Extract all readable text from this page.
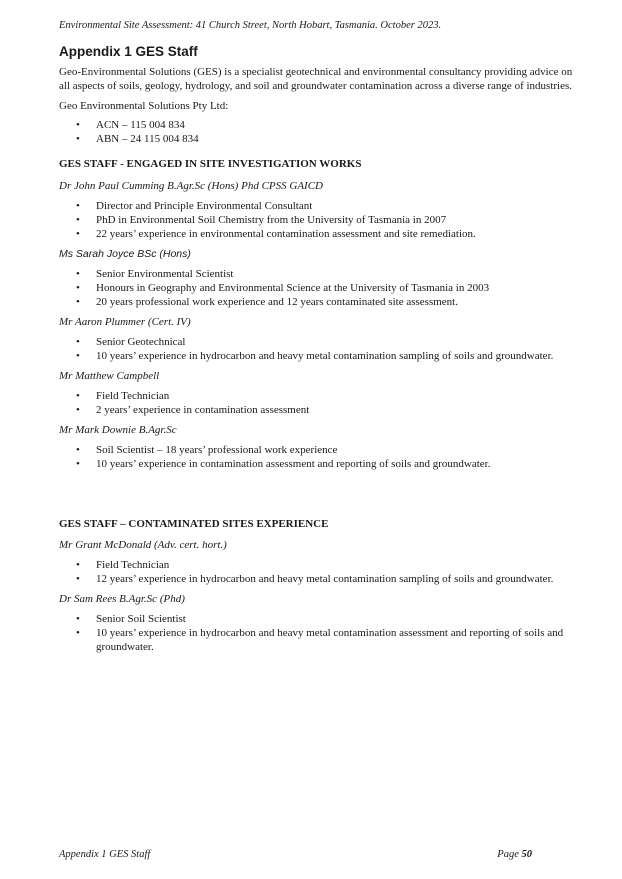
Environmental Site Assessment: 41 Church Street, North Hobart, Tasmania. October 2023.
Appendix 1 GES Staff

Geo-Environmental Solutions (GES) is a specialist geotechnical and environmental consultancy providing advice on all aspects of soils, geology, hydrology, and soil and groundwater contamination across a diverse range of industries.

Geo Environmental Solutions Pty Ltd:

• ACN – 115 004 834
• ABN – 24 115 004 834
GES STAFF - ENGAGED IN SITE INVESTIGATION WORKS
Dr John Paul Cumming B.Agr.Sc (Hons) Phd CPSS GAICD
• Director and Principle Environmental Consultant
• PhD in Environmental Soil Chemistry from the University of Tasmania in 2007
• 22 years’ experience in environmental contamination assessment and site remediation.
Ms Sarah Joyce BSc (Hons)
• Senior Environmental Scientist
• Honours in Geography and Environmental Science at the University of Tasmania in 2003
• 20 years professional work experience and 12 years contaminated site assessment.
Mr Aaron Plummer (Cert. IV)
• Senior Geotechnical
• 10 years’ experience in hydrocarbon and heavy metal contamination sampling of soils and groundwater.
Mr Matthew Campbell
• Field Technician
• 2 years’ experience in contamination assessment
Mr Mark Downie B.Agr.Sc
• Soil Scientist – 18 years’ professional work experience
• 10 years’ experience in contamination assessment and reporting of soils and groundwater.
GES STAFF – CONTAMINATED SITES EXPERIENCE
Mr Grant McDonald (Adv. cert. hort.)
• Field Technician
• 12 years’ experience in hydrocarbon and heavy metal contamination sampling of soils and groundwater.
Dr Sam Rees B.Agr.Sc (Phd)
• Senior Soil Scientist
• 10 years’ experience in hydrocarbon and heavy metal contamination assessment and reporting of soils and groundwater.
Appendix 1 GES Staff	Page 50
